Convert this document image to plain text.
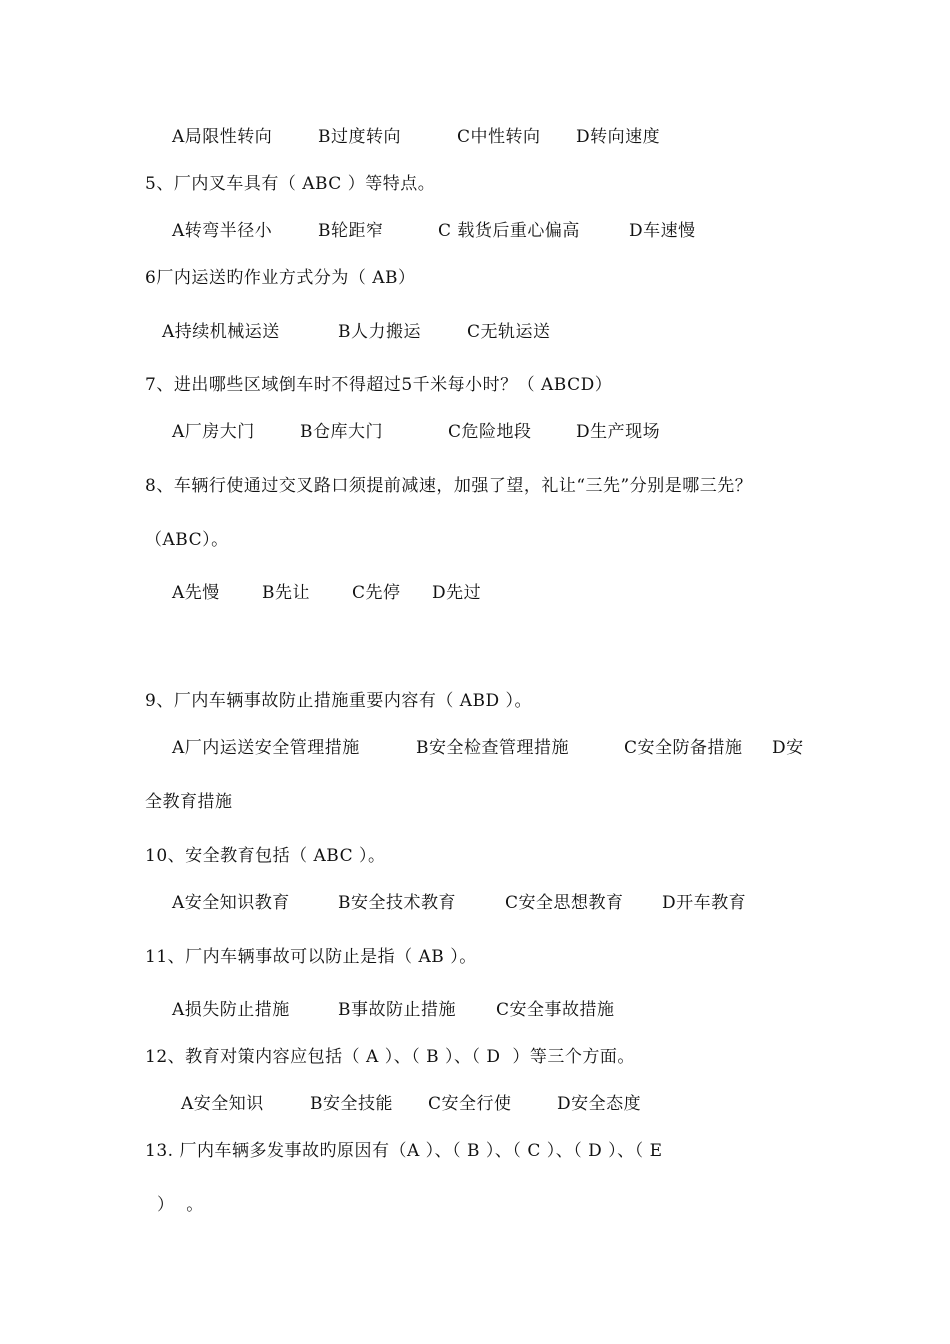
A局限性转向	B过度转向	C中性转向 D转向速度
5、厂内叉车具有（ ABC ）等特点。
A转弯半径小	B轮距窄	C 载货后重心偏高	D车速慢
6厂内运送旳作业方式分为（ AB）
A持续机械运送	B人力搬运	C无轨运送
7、进出哪些区域倒车时不得超过5千米每小时？（ ABCD）
A厂房大门	B仓库大门	C危险地段	D生产现场
8、车辆行使通过交叉路口须提前减速，加强了望，礼让“三先”分别是哪三先？
（ABC）。
A先慢 B先让 C先停 D先过
9、厂内车辆事故防止措施重要内容有（ ABD ）。
A厂内运送安全管理措施	B安全检查管理措施	C安全防备措施 D安
全教育措施
10、安全教育包括（ ABC ）。
A安全知识教育	B安全技术教育	C安全思想教育 D开车教育
11、厂内车辆事故可以防止是指（ AB ）。
A损失防止措施	B事故防止措施 C安全事故措施
12、教育对策内容应包括（ A ）、（ B ）、（ D  ）等三个方面。
A安全知识	B安全技能 C安全行使	D安全态度
13. 厂内车辆多发事故旳原因有（A ）、（ B ）、（ C ）、（ D ）、（ E
）  。
